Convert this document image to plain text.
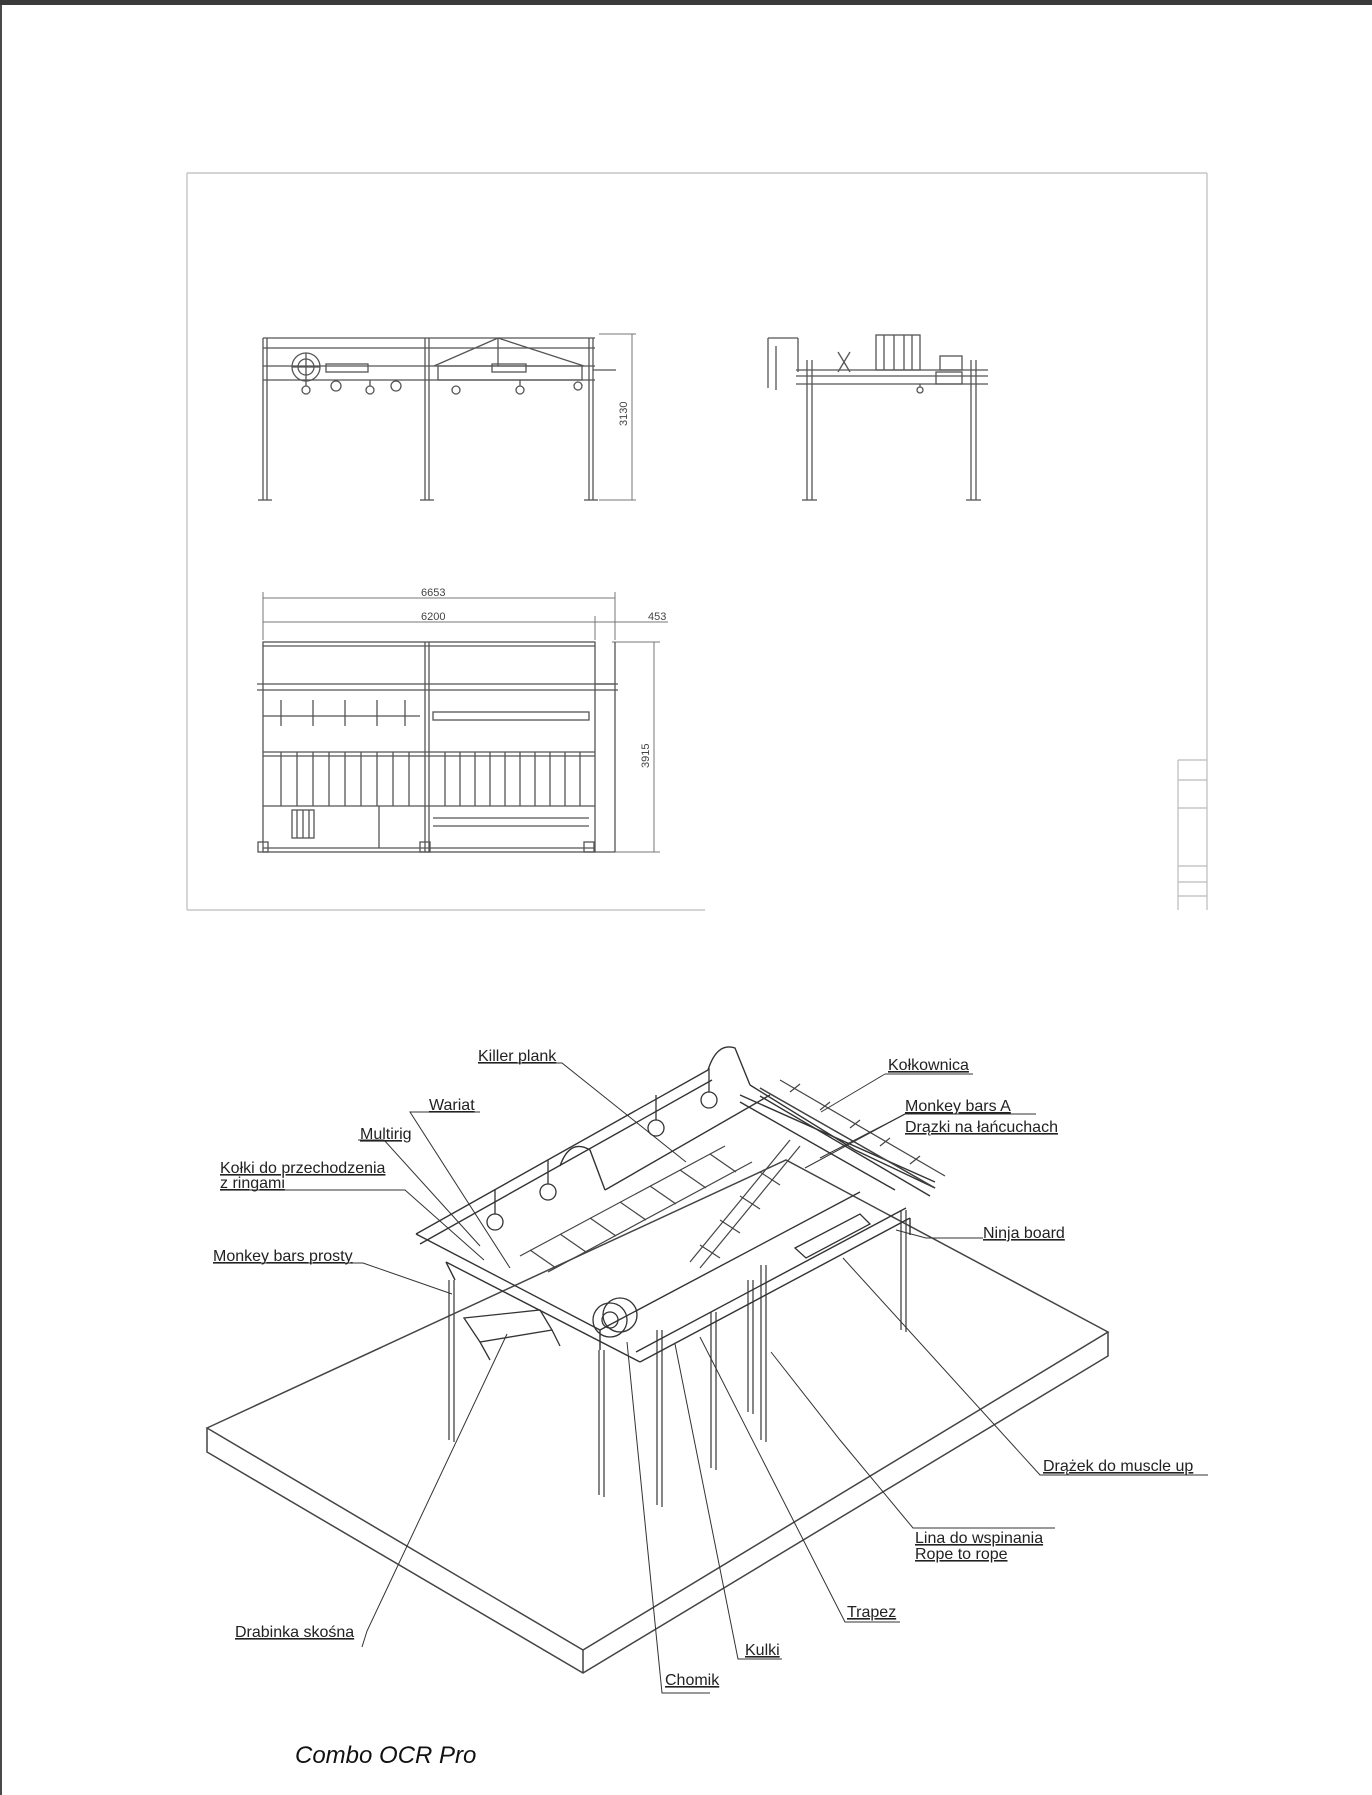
3130
6653
6200	453
3915
Killer plank
Kołkownica
Wariat	Monkey bars A
Drązki na łańcuchach
Multirig
Kołki do przechodzenia
z ringami
Monkey bars prosty
Ninja board
Drążek do muscle up
Lina do wspinania
Rope to rope
Trapez
Drabinka skośna
Kulki
Chomik
Combo OCR Pro
